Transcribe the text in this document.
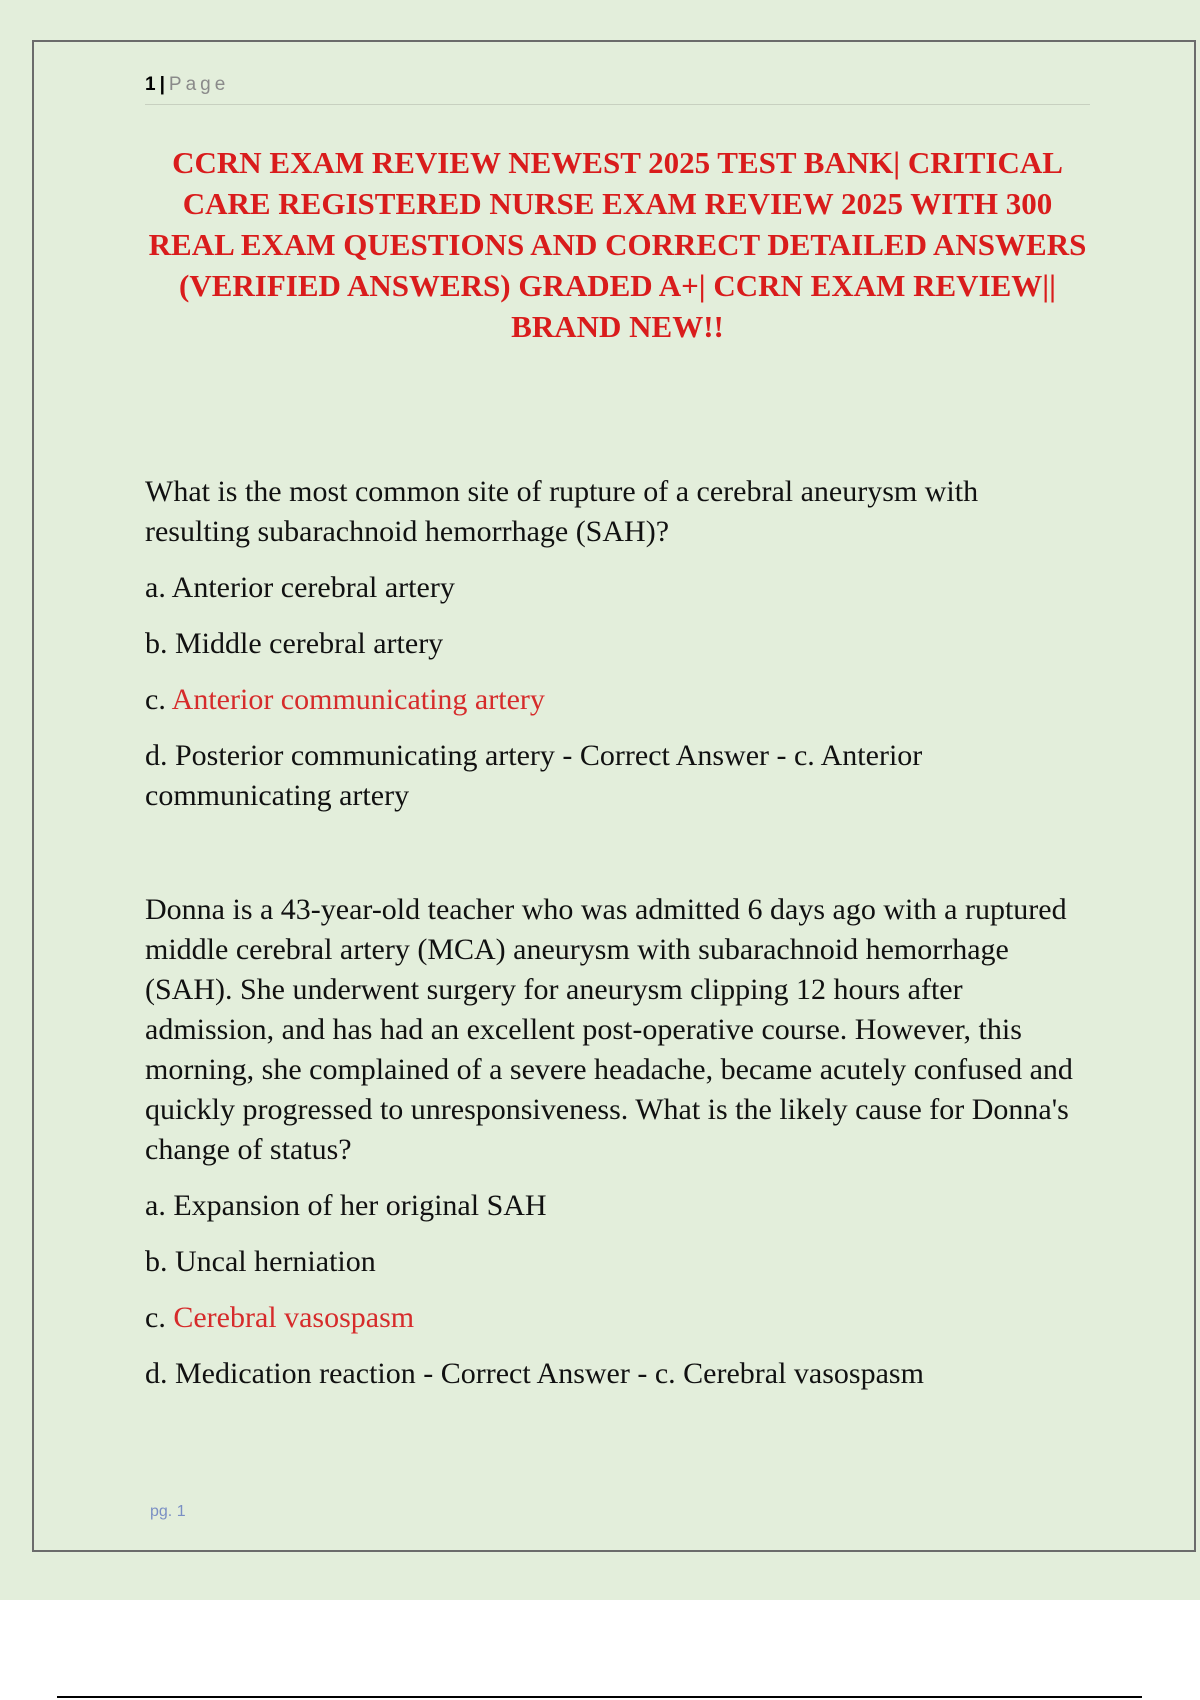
1 | Page
CCRN EXAM REVIEW NEWEST 2025 TEST BANK| CRITICAL CARE REGISTERED NURSE EXAM REVIEW 2025 WITH 300 REAL EXAM QUESTIONS AND CORRECT DETAILED ANSWERS (VERIFIED ANSWERS) GRADED A+| CCRN EXAM REVIEW|| BRAND NEW!!

What is the most common site of rupture of a cerebral aneurysm with resulting subarachnoid hemorrhage (SAH)?

a. Anterior cerebral artery

b. Middle cerebral artery

c. Anterior communicating artery

d. Posterior communicating artery - Correct Answer - c. Anterior communicating artery

Donna is a 43-year-old teacher who was admitted 6 days ago with a ruptured middle cerebral artery (MCA) aneurysm with subarachnoid hemorrhage (SAH). She underwent surgery for aneurysm clipping 12 hours after admission, and has had an excellent post-operative course. However, this morning, she complained of a severe headache, became acutely confused and quickly progressed to unresponsiveness. What is the likely cause for Donna's change of status?

a. Expansion of her original SAH

b. Uncal herniation

c. Cerebral vasospasm

d. Medication reaction - Correct Answer - c. Cerebral vasospasm

pg. 1
